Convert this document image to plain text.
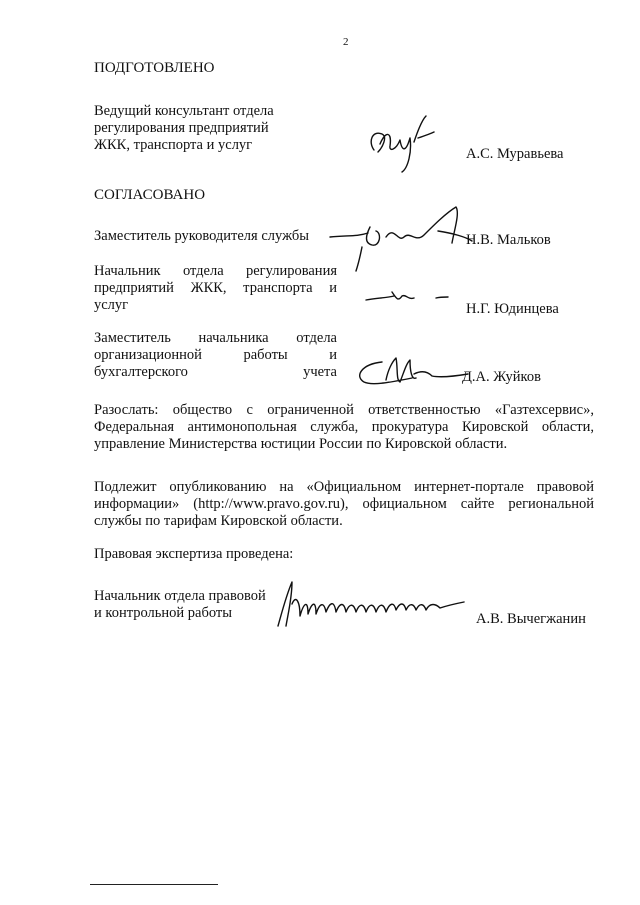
2
ПОДГОТОВЛЕНО
Ведущий консультант отдела
регулирования предприятий
ЖКК, транспорта и услуг
А.С. Муравьева
СОГЛАСОВАНО
Заместитель руководителя службы	Н.В. Мальков
Начальник отдела регулирования
предприятий ЖКК, транспорта и
услуг	Н.Г. Юдинцева
Заместитель начальника отдела
организационной работы и
бухгалтерского учета	Д.А. Жуйков
Разослать: общество с ограниченной ответственностью «Газтехсервис», Федеральная антимонопольная служба, прокуратура Кировской области, управление Министерства юстиции России по Кировской области.
Подлежит опубликованию на «Официальном интернет-портале правовой информации» (http://www.pravo.gov.ru), официальном сайте региональной службы по тарифам Кировской области.
Правовая экспертиза проведена:
Начальник отдела правовой
и контрольной работы	А.В. Вычегжанин
